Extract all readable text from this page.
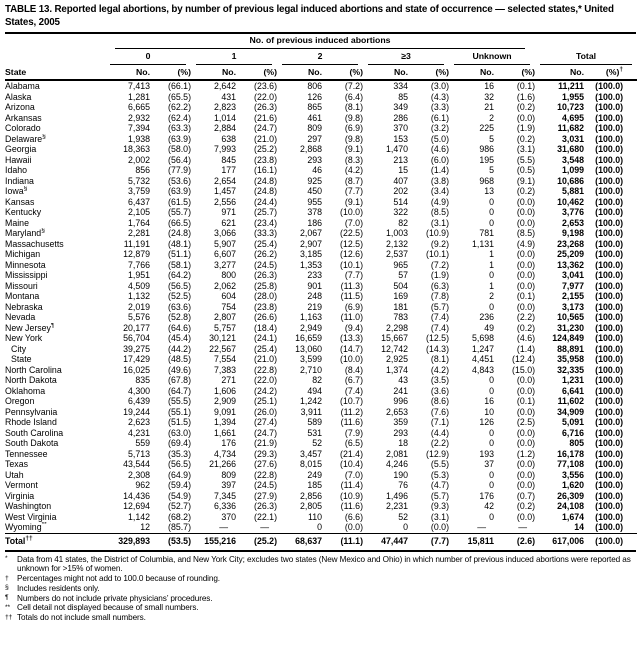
TABLE 13. Reported legal abortions, by number of previous legal induced abortions and state of occurrence — selected states,* United States, 2005

	No. of previous induced abortions											

	0		1		2		≥3		Unknown		Total	

State	No.	(%)	No.	(%)	No.	(%)	No.	(%)	No.	(%)	No.	(%)†
Alabama	7,413	(66.1)	2,642	(23.6)	806	(7.2)	334	(3.0)	16	(0.1)	11,211	(100.0)
Alaska	1,281	(65.5)	431	(22.0)	126	(6.4)	85	(4.3)	32	(1.6)	1,955	(100.0)
Arizona	6,665	(62.2)	2,823	(26.3)	865	(8.1)	349	(3.3)	21	(0.2)	10,723	(100.0)
Arkansas	2,932	(62.4)	1,014	(21.6)	461	(9.8)	286	(6.1)	2	(0.0)	4,695	(100.0)
Colorado	7,394	(63.3)	2,884	(24.7)	809	(6.9)	370	(3.2)	225	(1.9)	11,682	(100.0)
Delaware§	1,938	(63.9)	638	(21.0)	297	(9.8)	153	(5.0)	5	(0.2)	3,031	(100.0)
Georgia	18,363	(58.0)	7,993	(25.2)	2,868	(9.1)	1,470	(4.6)	986	(3.1)	31,680	(100.0)
Hawaii	2,002	(56.4)	845	(23.8)	293	(8.3)	213	(6.0)	195	(5.5)	3,548	(100.0)
Idaho	856	(77.9)	177	(16.1)	46	(4.2)	15	(1.4)	5	(0.5)	1,099	(100.0)
Indiana	5,732	(53.6)	2,654	(24.8)	925	(8.7)	407	(3.8)	968	(9.1)	10,686	(100.0)
Iowa§	3,759	(63.9)	1,457	(24.8)	450	(7.7)	202	(3.4)	13	(0.2)	5,881	(100.0)
Kansas	6,437	(61.5)	2,556	(24.4)	955	(9.1)	514	(4.9)	0	(0.0)	10,462	(100.0)
Kentucky	2,105	(55.7)	971	(25.7)	378	(10.0)	322	(8.5)	0	(0.0)	3,776	(100.0)
Maine	1,764	(66.5)	621	(23.4)	186	(7.0)	82	(3.1)	0	(0.0)	2,653	(100.0)
Maryland§	2,281	(24.8)	3,066	(33.3)	2,067	(22.5)	1,003	(10.9)	781	(8.5)	9,198	(100.0)
Massachusetts	11,191	(48.1)	5,907	(25.4)	2,907	(12.5)	2,132	(9.2)	1,131	(4.9)	23,268	(100.0)
Michigan	12,879	(51.1)	6,607	(26.2)	3,185	(12.6)	2,537	(10.1)	1	(0.0)	25,209	(100.0)
Minnesota	7,766	(58.1)	3,277	(24.5)	1,353	(10.1)	965	(7.2)	1	(0.0)	13,362	(100.0)
Mississippi	1,951	(64.2)	800	(26.3)	233	(7.7)	57	(1.9)	0	(0.0)	3,041	(100.0)
Missouri	4,509	(56.5)	2,062	(25.8)	901	(11.3)	504	(6.3)	1	(0.0)	7,977	(100.0)
Montana	1,132	(52.5)	604	(28.0)	248	(11.5)	169	(7.8)	2	(0.1)	2,155	(100.0)
Nebraska	2,019	(63.6)	754	(23.8)	219	(6.9)	181	(5.7)	0	(0.0)	3,173	(100.0)
Nevada	5,576	(52.8)	2,807	(26.6)	1,163	(11.0)	783	(7.4)	236	(2.2)	10,565	(100.0)
New Jersey¶	20,177	(64.6)	5,757	(18.4)	2,949	(9.4)	2,298	(7.4)	49	(0.2)	31,230	(100.0)
New York	56,704	(45.4)	30,121	(24.1)	16,659	(13.3)	15,667	(12.5)	5,698	(4.6)	124,849	(100.0)
City	39,275	(44.2)	22,567	(25.4)	13,060	(14.7)	12,742	(14.3)	1,247	(1.4)	88,891	(100.0)
State	17,429	(48.5)	7,554	(21.0)	3,599	(10.0)	2,925	(8.1)	4,451	(12.4)	35,958	(100.0)
North Carolina	16,025	(49.6)	7,383	(22.8)	2,710	(8.4)	1,374	(4.2)	4,843	(15.0)	32,335	(100.0)
North Dakota	835	(67.8)	271	(22.0)	82	(6.7)	43	(3.5)	0	(0.0)	1,231	(100.0)
Oklahoma	4,300	(64.7)	1,606	(24.2)	494	(7.4)	241	(3.6)	0	(0.0)	6,641	(100.0)
Oregon	6,439	(55.5)	2,909	(25.1)	1,242	(10.7)	996	(8.6)	16	(0.1)	11,602	(100.0)
Pennsylvania	19,244	(55.1)	9,091	(26.0)	3,911	(11.2)	2,653	(7.6)	10	(0.0)	34,909	(100.0)
Rhode Island	2,623	(51.5)	1,394	(27.4)	589	(11.6)	359	(7.1)	126	(2.5)	5,091	(100.0)
South Carolina	4,231	(63.0)	1,661	(24.7)	531	(7.9)	293	(4.4)	0	(0.0)	6,716	(100.0)
South Dakota	559	(69.4)	176	(21.9)	52	(6.5)	18	(2.2)	0	(0.0)	805	(100.0)
Tennessee	5,713	(35.3)	4,734	(29.3)	3,457	(21.4)	2,081	(12.9)	193	(1.2)	16,178	(100.0)
Texas	43,544	(56.5)	21,266	(27.6)	8,015	(10.4)	4,246	(5.5)	37	(0.0)	77,108	(100.0)
Utah	2,308	(64.9)	809	(22.8)	249	(7.0)	190	(5.3)	0	(0.0)	3,556	(100.0)
Vermont	962	(59.4)	397	(24.5)	185	(11.4)	76	(4.7)	0	(0.0)	1,620	(100.0)
Virginia	14,436	(54.9)	7,345	(27.9)	2,856	(10.9)	1,496	(5.7)	176	(0.7)	26,309	(100.0)
Washington	12,694	(52.7)	6,336	(26.3)	2,805	(11.6)	2,231	(9.3)	42	(0.2)	24,108	(100.0)
West Virginia	1,142	(68.2)	370	(22.1)	110	(6.6)	52	(3.1)	0	(0.0)	1,674	(100.0)
Wyoming**	12	(85.7)	—	—	0	(0.0)	0	(0.0)	—	—	14	(100.0)
Total††	329,893	(53.5)	155,216	(25.2)	68,637	(11.1)	47,447	(7.7)	15,811	(2.6)	617,006	(100.0)
* Data from 41 states, the District of Columbia, and New York City; excludes two states (New Mexico and Ohio) in which number of previous induced abortions were reported as unknown for >15% of women.
† Percentages might not add to 100.0 because of rounding.
§ Includes residents only.
¶ Numbers do not include private physicians’ procedures.
** Cell detail not displayed because of small numbers.
†† Totals do not include small numbers.
